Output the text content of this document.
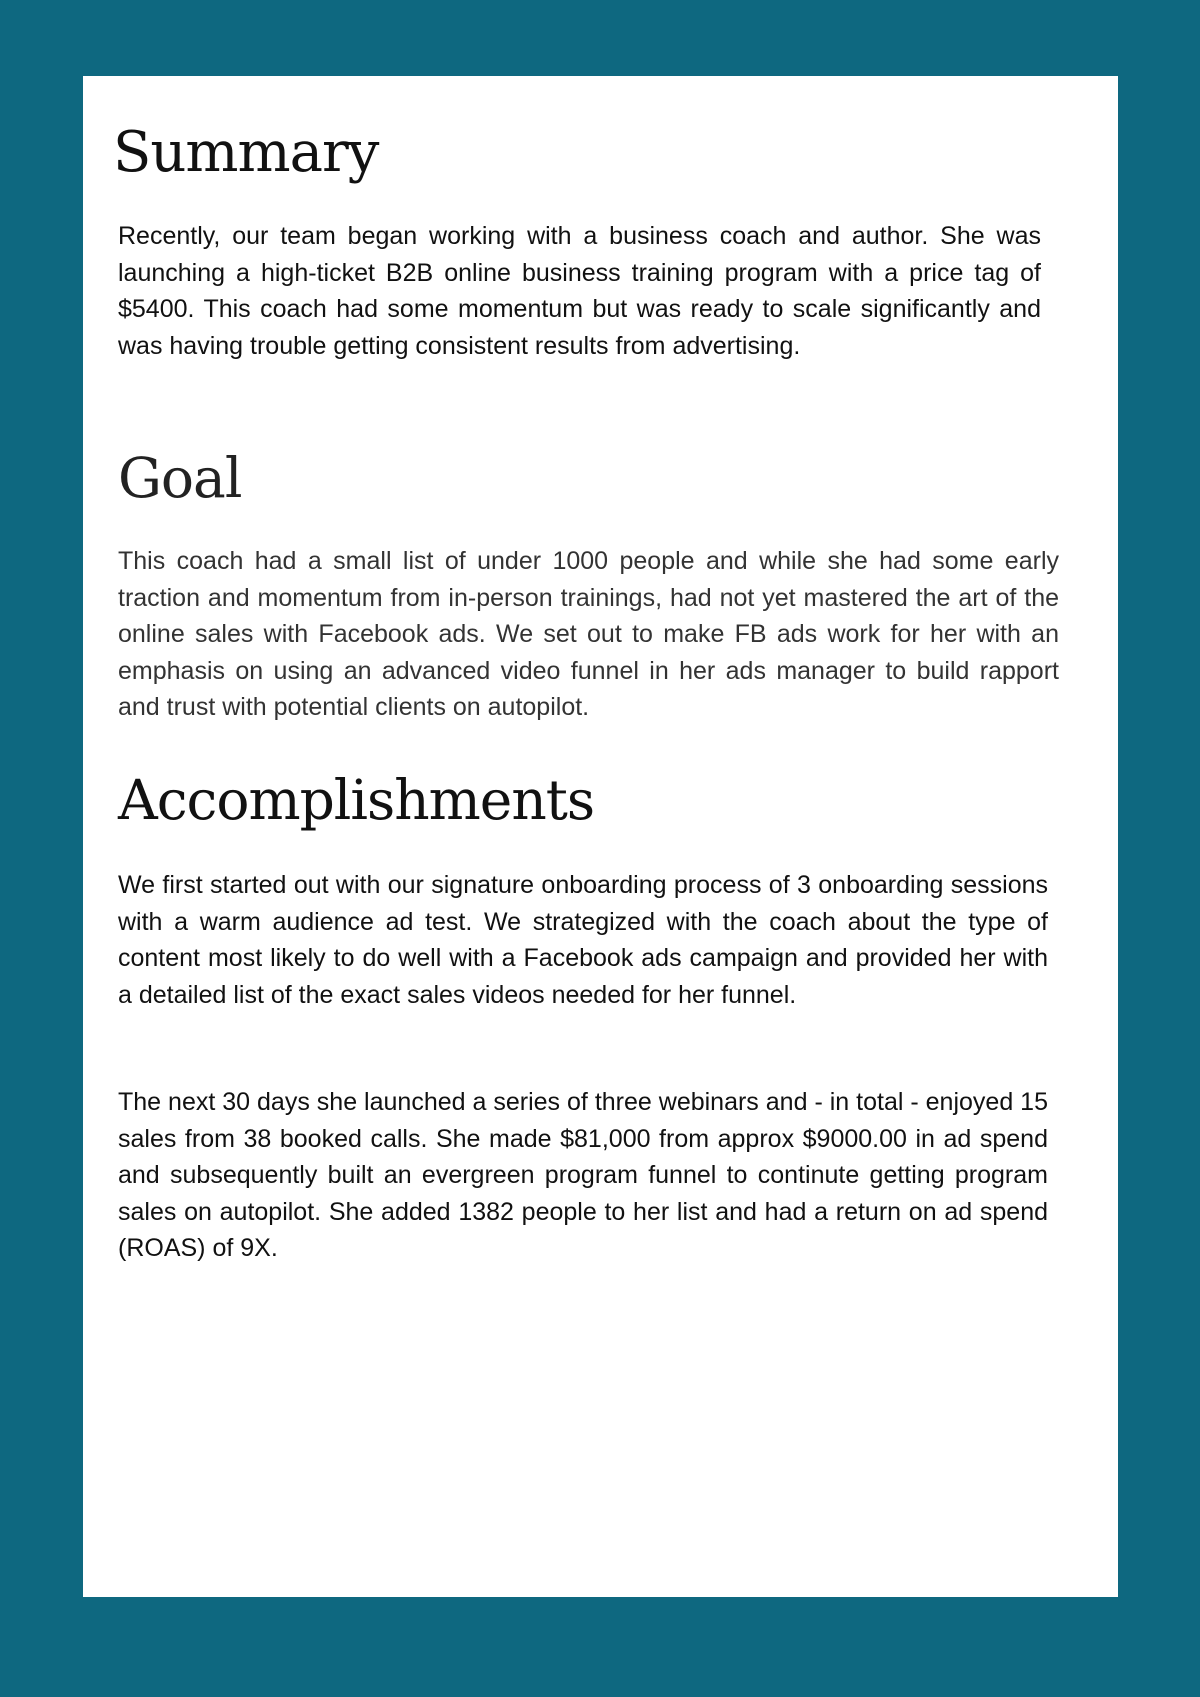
Summary

Recently, our team began working with a business coach and author. She was launching a high-ticket B2B online business training program with a price tag of $5400. This coach had some momentum but was ready to scale significantly and was having trouble getting consistent results from advertising.

Goal

This coach had a small list of under 1000 people and while she had some early traction and momentum from in-person trainings, had not yet mastered the art of the online sales with Facebook ads. We set out to make FB ads work for her with an emphasis on using an advanced video funnel in her ads manager to build rapport and trust with potential clients on autopilot.

Accomplishments

We first started out with our signature onboarding process of 3 onboarding sessions with a warm audience ad test. We strategized with the coach about the type of content most likely to do well with a Facebook ads campaign and provided her with a detailed list of the exact sales videos needed for her funnel.

The next 30 days she launched a series of three webinars and - in total - enjoyed 15 sales from 38 booked calls. She made $81,000 from approx $9000.00 in ad spend and subsequently built an evergreen program funnel to continute getting program sales on autopilot. She added 1382 people to her list and had a return on ad spend (ROAS) of 9X.
